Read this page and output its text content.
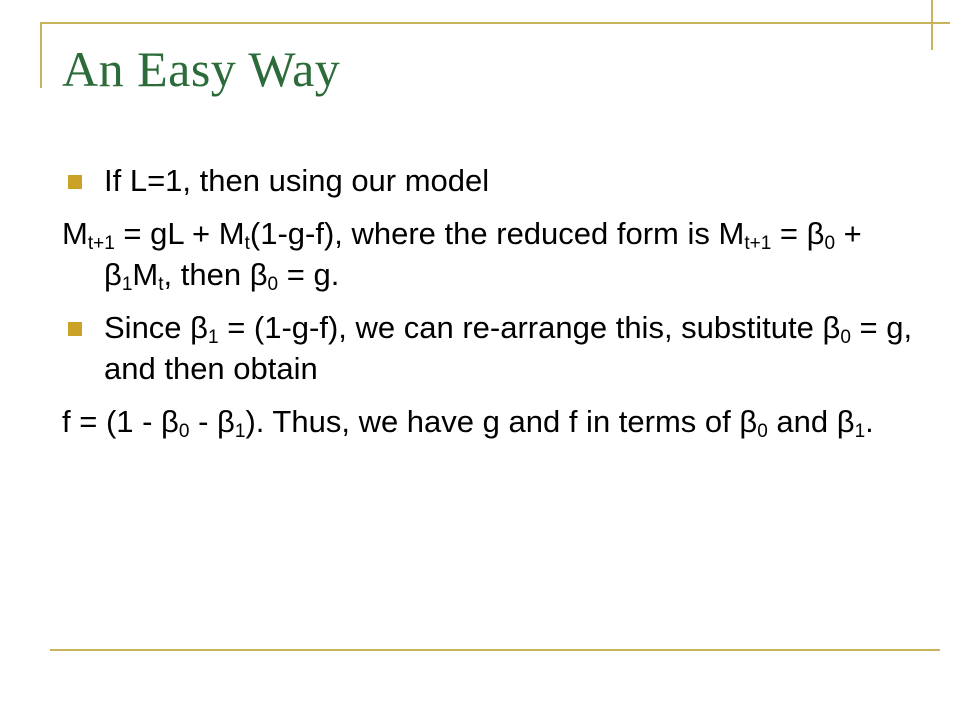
An Easy Way
If L=1, then using our model
$M_{t+1}$ = gL + $M_t(1-g-f)$, where the reduced form is $M_{t+1} = \beta_0 + \beta_1M_t$, then $\beta_0 = g$.
Since $\beta_1 = (1-g-f)$, we can re-arrange this, substitute $\beta_0 = g$, and then obtain
$f = (1 - \beta_0 - \beta_1)$. Thus, we have g and f in terms of $\beta_0$ and $\beta_1$.
